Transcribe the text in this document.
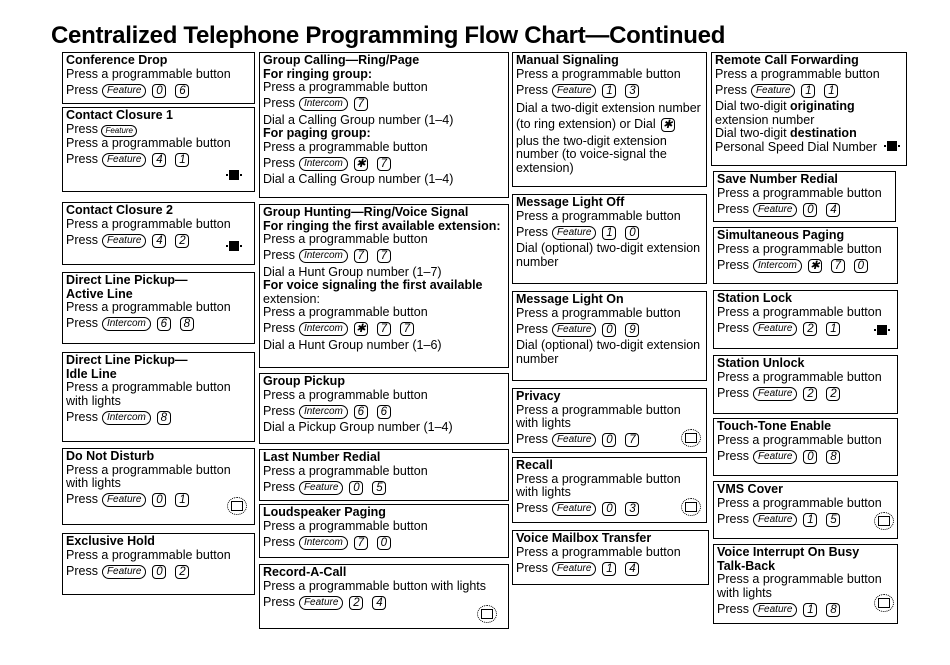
Centralized Telephone Programming Flow Chart—Continued
Conference Drop
Press a programmable button
Press Feature	0	6
Contact Closure 1
Press Feature
Press a programmable button
Press Feature	4	1
Contact Closure 2
Press a programmable button
Press Feature	4	2
Direct Line Pickup—
Active Line
Press a programmable button
Press Intercom	6	8
Direct Line Pickup—
Idle Line
Press a programmable button
with lights
Press Intercom	8
Do Not Disturb
Press a programmable button
with lights
Press Feature	0	1
Exclusive Hold
Press a programmable button
Press Feature	0	2
Group Calling—Ring/Page
For ringing group:
Press a programmable button
Press Intercom	7
Dial a Calling Group number (1–4)
For paging group:
Press a programmable button
Press Intercom	✱	7
Dial a Calling Group number (1–4)
Group Hunting—Ring/Voice Signal
For ringing the first available extension:
Press a programmable button
Press Intercom	7	7
Dial a Hunt Group number (1–7)
For voice signaling the first available
extension:
Press a programmable button
Press Intercom	✱	7	7
Dial a Hunt Group number (1–6)
Group Pickup
Press a programmable button
Press Intercom	6	6
Dial a Pickup Group number (1–4)
Last Number Redial
Press a programmable button
Press Feature	0	5
Loudspeaker Paging
Press a programmable button
Press Intercom	7	0
Record-A-Call
Press a programmable button with lights
Press Feature	2	4
Manual Signaling
Press a programmable button
Press Feature	1	3
Dial a two-digit extension number
(to ring extension) or Dial ✱
plus the two-digit extension number (to voice-signal the extension)
Message Light Off
Press a programmable button
Press Feature	1	0
Dial (optional) two-digit extension number
Message Light On
Press a programmable button
Press Feature	0	9
Dial (optional) two-digit extension number
Privacy
Press a programmable button
with lights
Press Feature	0	7
Recall
Press a programmable button
with lights
Press Feature	0	3
Voice Mailbox Transfer
Press a programmable button
Press Feature	1	4
Remote Call Forwarding
Press a programmable button
Press Feature	1	1
Dial two-digit originating
extension number
Dial two-digit destination
Personal Speed Dial Number
Save Number Redial
Press a programmable button
Press Feature	0	4
Simultaneous Paging
Press a programmable button
Press Intercom	✱	7	0
Station Lock
Press a programmable button
Press Feature	2	1
Station Unlock
Press a programmable button
Press Feature	2	2
Touch-Tone Enable
Press a programmable button
Press Feature	0	8
VMS Cover
Press a programmable button
Press Feature	1	5
Voice Interrupt On Busy
Talk-Back
Press a programmable button
with lights
Press Feature	1	8
